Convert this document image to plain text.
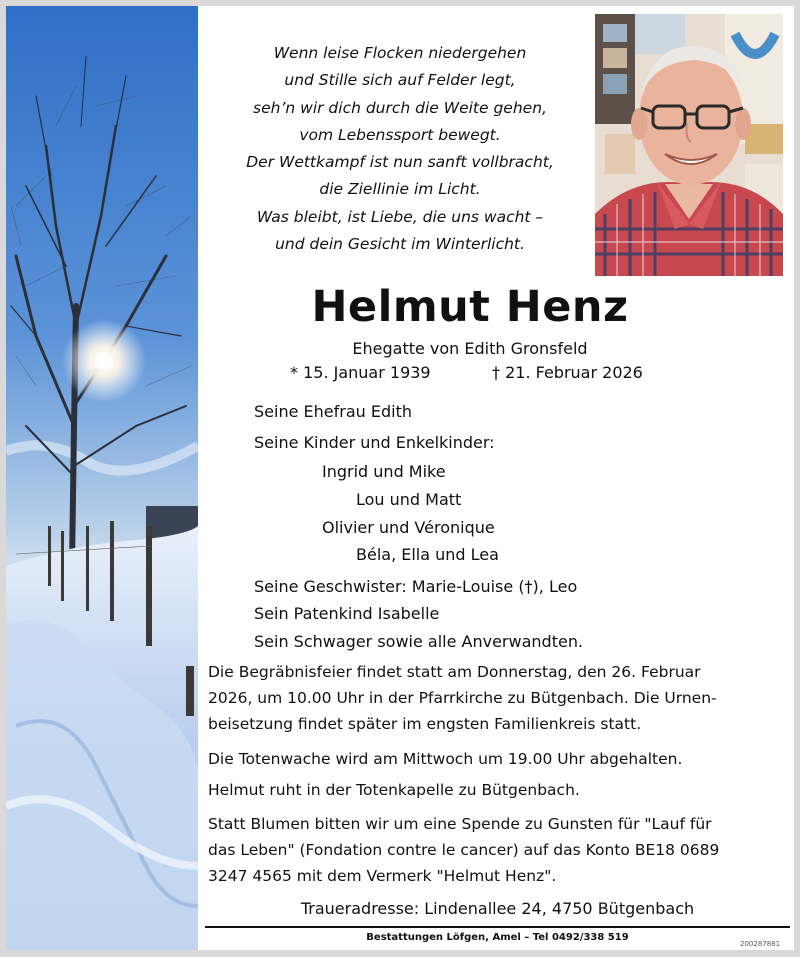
Wenn leise Flocken niedergehen
und Stille sich auf Felder legt,
seh’n wir dich durch die Weite gehen,
vom Lebenssport bewegt.
Der Wettkampf ist nun sanft vollbracht,
die Ziellinie im Licht.
Was bleibt, ist Liebe, die uns wacht –
und dein Gesicht im Winterlicht.
Helmut Henz
Ehegatte von Edith Gronsfeld
* 15. Januar 1939	† 21. Februar 2026
Seine Ehefrau Edith
Seine Kinder und Enkelkinder:
Ingrid und Mike
Lou und Matt
Olivier und Véronique
Béla, Ella und Lea
Seine Geschwister: Marie-Louise (†), Leo
Sein Patenkind Isabelle
Sein Schwager sowie alle Anverwandten.
Die Begräbnisfeier findet statt am Donnerstag, den 26. Februar
2026, um 10.00 Uhr in der Pfarrkirche zu Bütgenbach. Die Urnen-
beisetzung findet später im engsten Familienkreis statt.
Die Totenwache wird am Mittwoch um 19.00 Uhr abgehalten.
Helmut ruht in der Totenkapelle zu Bütgenbach.
Statt Blumen bitten wir um eine Spende zu Gunsten für "Lauf für
das Leben" (Fondation contre le cancer) auf das Konto BE18 0689
3247 4565 mit dem Vermerk "Helmut Henz".
Traueradresse: Lindenallee 24, 4750 Bütgenbach
Bestattungen Löfgen, Amel – Tel 0492/338 519
200287881
